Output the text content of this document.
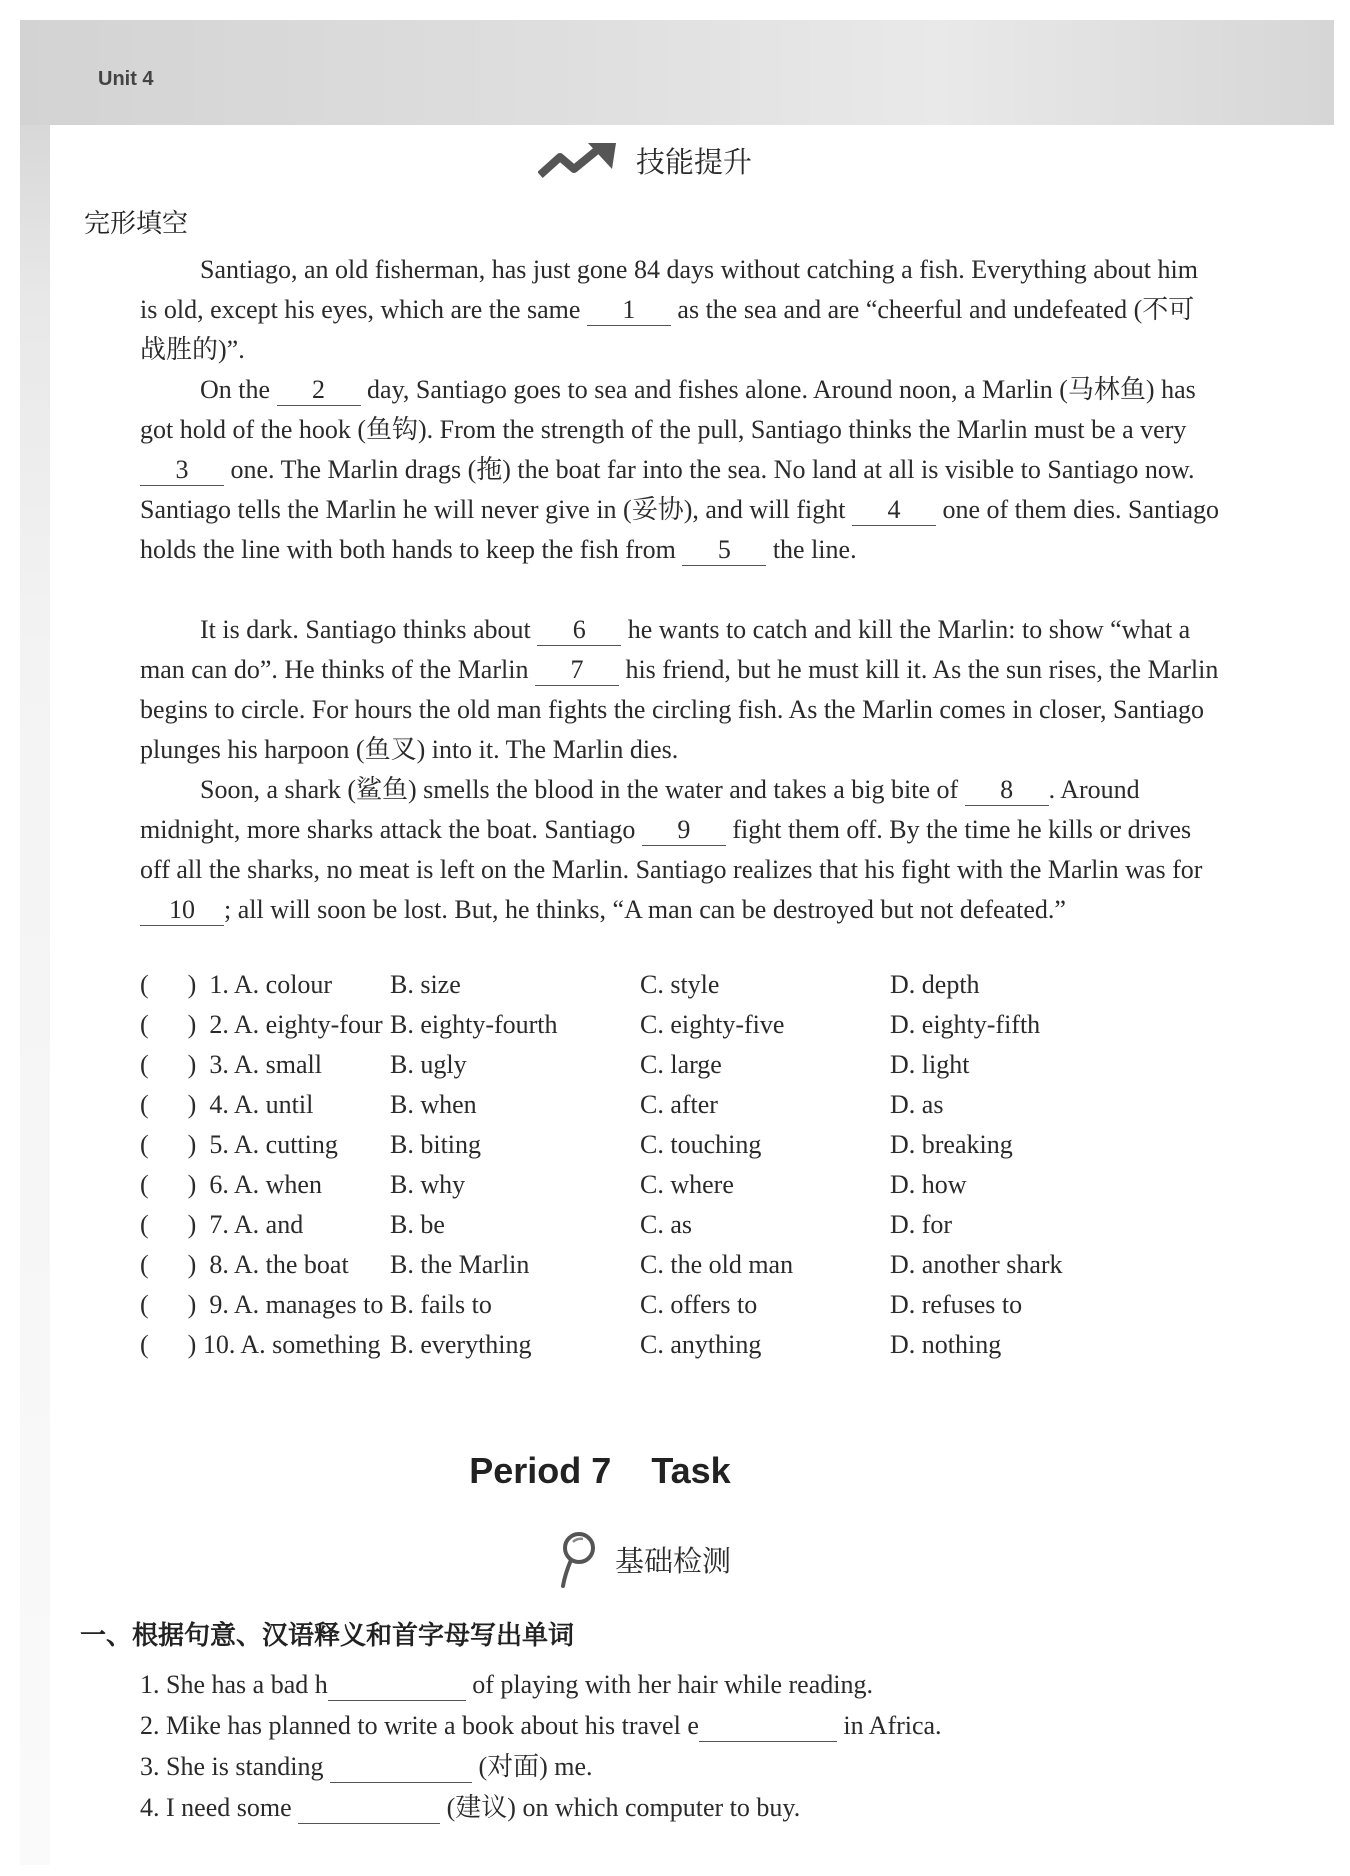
Unit 4
技能提升
完形填空

Santiago, an old fisherman, has just gone 84 days without catching a fish. Everything about him is old, except his eyes, which are the same 1 as the sea and are “cheerful and undefeated (不可战胜的)”.

On the 2 day, Santiago goes to sea and fishes alone. Around noon, a Marlin (马林鱼) has got hold of the hook (鱼钩). From the strength of the pull, Santiago thinks the Marlin must be a very 3 one. The Marlin drags (拖) the boat far into the sea. No land at all is visible to Santiago now. Santiago tells the Marlin he will never give in (妥协), and will fight 4 one of them dies. Santiago holds the line with both hands to keep the fish from 5 the line.

It is dark. Santiago thinks about 6 he wants to catch and kill the Marlin: to show “what a man can do”. He thinks of the Marlin 7 his friend, but he must kill it. As the sun rises, the Marlin begins to circle. For hours the old man fights the circling fish. As the Marlin comes in closer, Santiago plunges his harpoon (鱼叉) into it. The Marlin dies.

Soon, a shark (鲨鱼) smells the blood in the water and takes a big bite of 8 . Around midnight, more sharks attack the boat. Santiago 9 fight them off. By the time he kills or drives off all the sharks, no meat is left on the Marlin. Santiago realizes that his fight with the Marlin was for 10 ; all will soon be lost. But, he thinks, “A man can be destroyed but not defeated.”

(      )  1. A. colour	B. size	C. style	D. depth
(      )  2. A. eighty-four B. eighty-fourth	C. eighty-five	D. eighty-fifth
(      )  3. A. small	B. ugly	C. large	D. light
(      )  4. A. until	B. when	C. after	D. as
(      )  5. A. cutting	B. biting	C. touching	D. breaking
(      )  6. A. when	B. why	C. where	D. how
(      )  7. A. and	B. be	C. as	D. for
(      )  8. A. the boat	B. the Marlin	C. the old man	D. another shark
(      )  9. A. manages to B. fails to	C. offers to	D. refuses to
(      ) 10. A. something B. everything	C. anything	D. nothing
Period 7    Task
基础检测
一、根据句意、汉语释义和首字母写出单词
1. She has a bad h	of playing with her hair while reading.
2. Mike has planned to write a book about his travel e	in Africa.
3. She is standing	(对面) me.
4. I need some	(建议) on which computer to buy.
